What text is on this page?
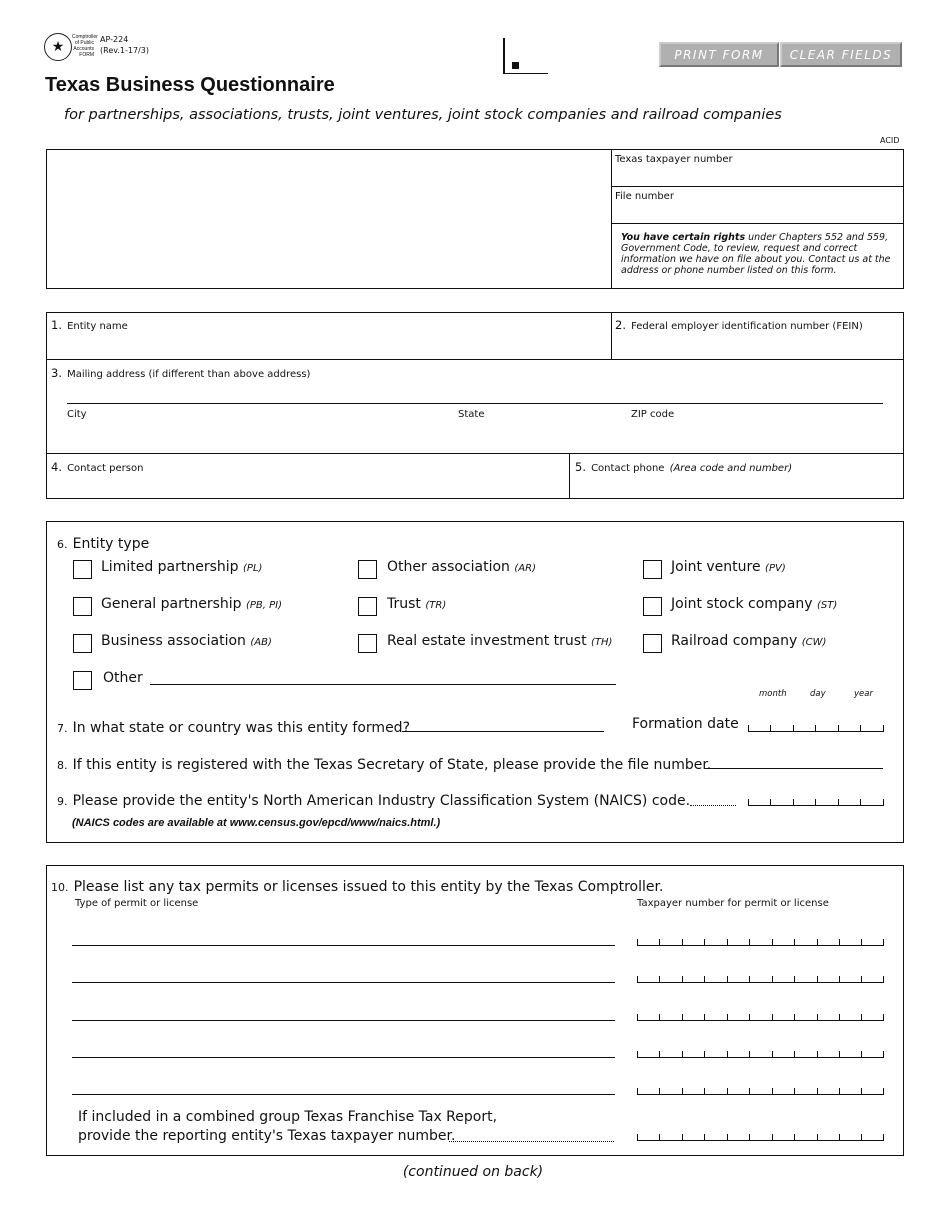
★
Comptroller
of Public
Accounts
FORM
AP-224
(Rev.1-17/3)	PRINT FORM	CLEAR FIELDS
Texas Business Questionnaire
for partnerships, associations, trusts, joint ventures, joint stock companies and railroad companies
ACID
Texas taxpayer number
File number
You have certain rights under Chapters 552 and 559, Government Code, to review, request and correct information we have on file about you. Contact us at the address or phone number listed on this form.
1. Entity name	2. Federal employer identification number (FEIN)
3. Mailing address (if different than above address)
City	State	ZIP code
4. Contact person	5. Contact phone (Area code and number)
6. Entity type
Limited partnership (PL)	Other association (AR)	Joint venture (PV)
General partnership (PB, PI)	Trust (TR)	Joint stock company (ST)
Business association (AB)	Real estate investment trust (TH)	Railroad company (CW)
Other
month	day	year
7. In what state or country was this entity formed?	Formation date
8. If this entity is registered with the Texas Secretary of State, please provide the file number.
9. Please provide the entity's North American Industry Classification System (NAICS) code.
(NAICS codes are available at www.census.gov/epcd/www/naics.html.)
10. Please list any tax permits or licenses issued to this entity by the Texas Comptroller.
Type of permit or license	Taxpayer number for permit or license
If included in a combined group Texas Franchise Tax Report,
provide the reporting entity's Texas taxpayer number.
(continued on back)
